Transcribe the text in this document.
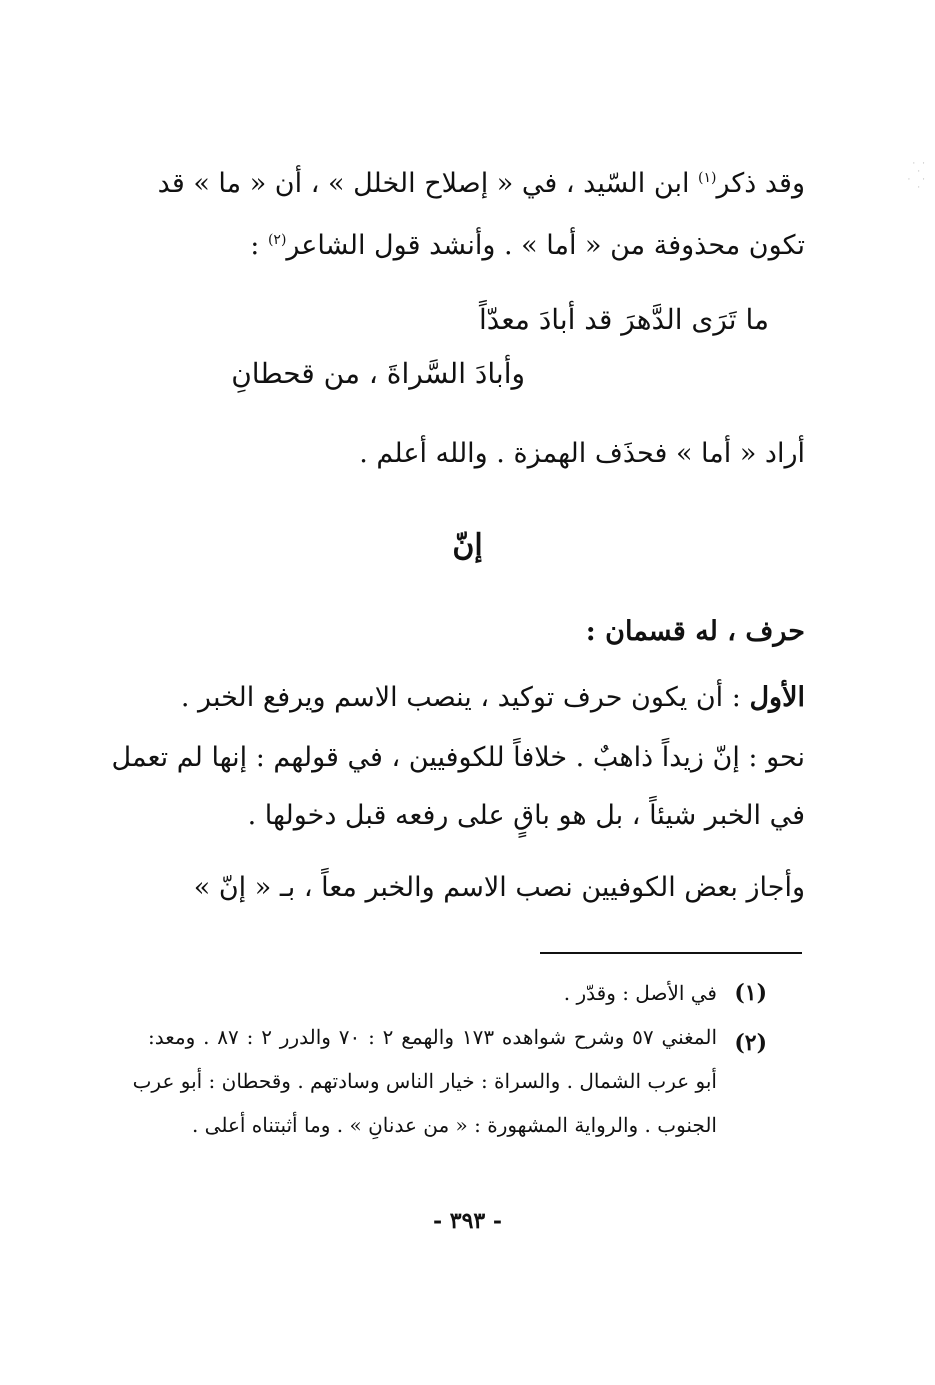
· ·
·
·  ·
·
وقد ذكر$^{(١)}$ ابن السّيد ، في « إصلاح الخلل » ، أن « ما » قد
تكون محذوفة من « أما » . وأنشد قول الشاعر$^{(٢)}$ :
ما تَرَى الدَّهرَ قد أبادَ معدّاً
وأبادَ السَّراةَ ، من قحطانِ
أراد « أما » فحذَف الهمزة . والله أعلم .
إنّ
حرف ، له قسمان :
الأول : أن يكون حرف توكيد ، ينصب الاسم ويرفع الخبر .
نحو : إنّ زيداً ذاهبٌ . خلافاً للكوفيين ، في قولهم : إنها لم تعمل
في الخبر شيئاً ، بل هو باقٍ على رفعه قبل دخولها .
وأجاز بعض الكوفيين نصب الاسم والخبر معاً ، بـ « إنّ »
(١)
في الأصل : وقدّر .
(٢)
المغني ٥٧ وشرح شواهده ١٧٣ والهمع ٢ : ٧٠ والدرر ٢ : ٨٧ . ومعد:
أبو عرب الشمال . والسراة : خيار الناس وسادتهم . وقحطان : أبو عرب
الجنوب . والرواية المشهورة : « من عدنانِ » . وما أثبتناه أعلى .
- ٣٩٣ -
